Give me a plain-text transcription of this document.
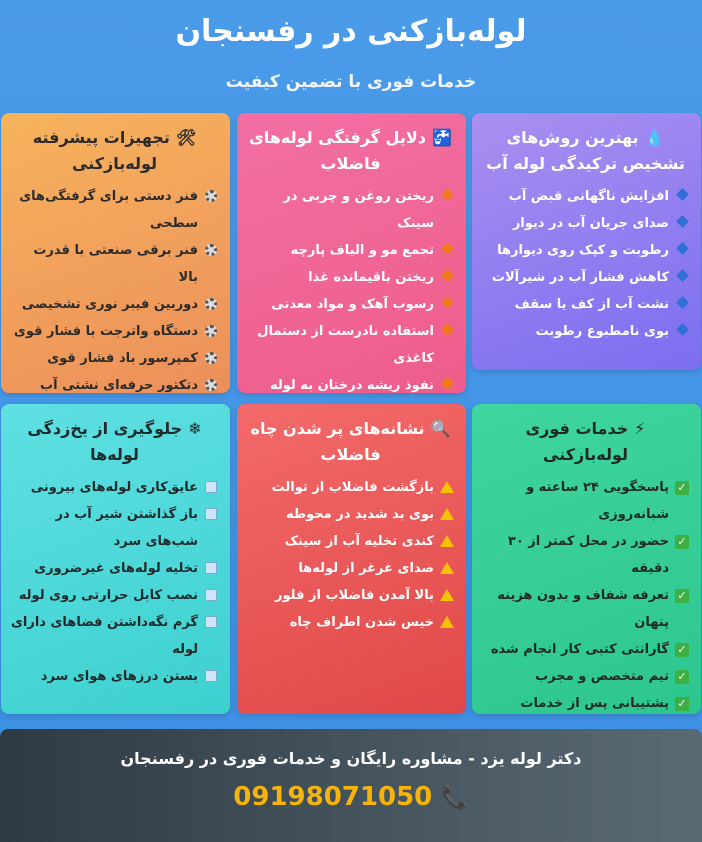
لوله‌بازکنی در رفسنجان
خدمات فوری با تضمین کیفیت
💧بهترین روش‌های تشخیص ترکیدگی لوله آب
افزایش ناگهانی قبض آب
صدای جریان آب در دیوار
رطوبت و کپک روی دیوارها
کاهش فشار آب در شیرآلات
نشت آب از کف یا سقف
بوی نامطبوع رطوبت
🚰دلایل گرفتگی لوله‌های فاضلاب
ریختن روغن و چربی در سینک
تجمع مو و الیاف پارچه
ریختن باقیمانده غذا
رسوب آهک و مواد معدنی
استفاده نادرست از دستمال کاغذی
نفوذ ریشه درختان به لوله
🛠تجهیزات پیشرفته لوله‌بازکنی
فنر دستی برای گرفتگی‌های سطحی
فنر برقی صنعتی با قدرت بالا
دوربین فیبر نوری تشخیصی
دستگاه واترجت با فشار قوی
کمپرسور باد فشار قوی
دتکتور حرفه‌ای نشتی آب
⚡خدمات فوری لوله‌بازکنی
✓
پاسخگویی ۲۴ ساعته و شبانه‌روزی
✓
حضور در محل کمتر از ۳۰ دقیقه
✓
تعرفه شفاف و بدون هزینه پنهان
✓
گارانتی کتبی کار انجام شده
✓
تیم متخصص و مجرب
✓
پشتیبانی پس از خدمات
🔍نشانه‌های پر شدن چاه فاضلاب
بازگشت فاضلاب از توالت
بوی بد شدید در محوطه
کندی تخلیه آب از سینک
صدای غرغر از لوله‌ها
بالا آمدن فاضلاب از فلور
خیس شدن اطراف چاه
❄جلوگیری از یخ‌زدگی لوله‌ها
عایق‌کاری لوله‌های بیرونی
باز گذاشتن شیر آب در شب‌های سرد
تخلیه لوله‌های غیرضروری
نصب کابل حرارتی روی لوله
گرم نگه‌داشتن فضاهای دارای لوله
بستن درزهای هوای سرد
دکتر لوله یزد - مشاوره رایگان و خدمات فوری در رفسنجان
09198071050 📞
